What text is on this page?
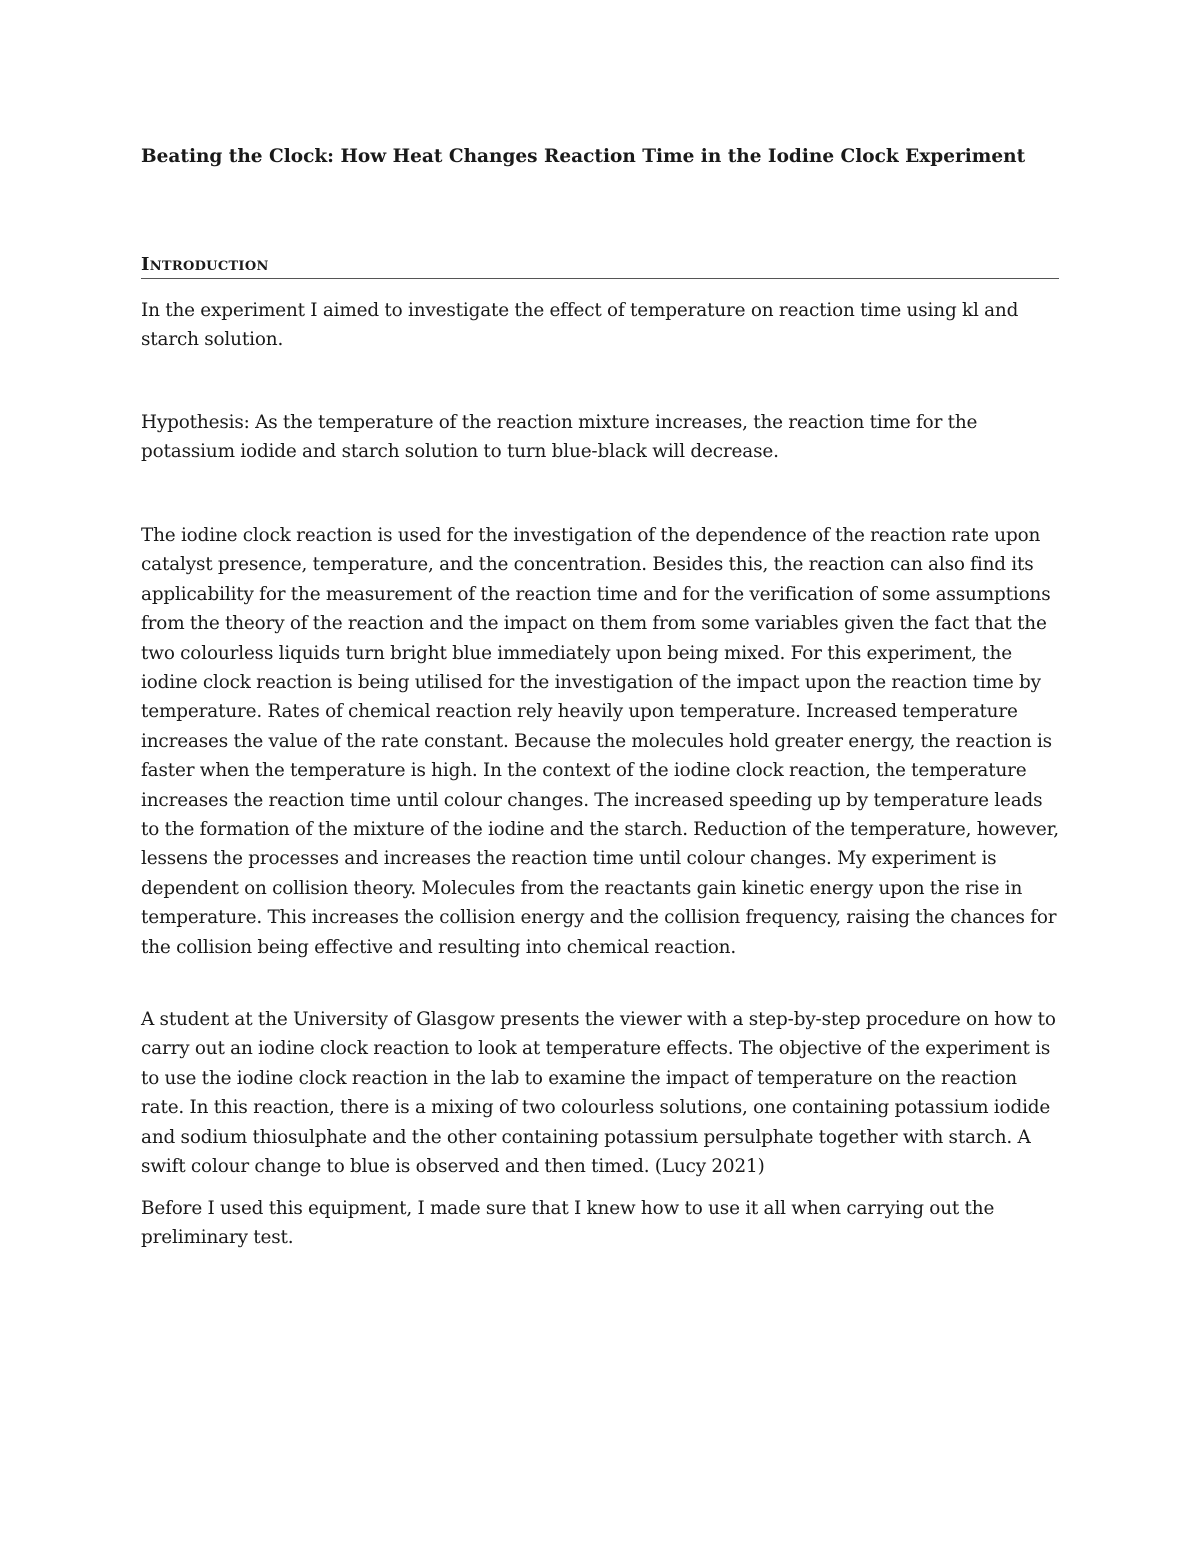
Beating the Clock: How Heat Changes Reaction Time in the Iodine Clock Experiment
Introduction

In the experiment I aimed to investigate the effect of temperature on reaction time using kl and starch solution.

Hypothesis: As the temperature of the reaction mixture increases, the reaction time for the potassium iodide and starch solution to turn blue-black will decrease.

The iodine clock reaction is used for the investigation of the dependence of the reaction rate upon catalyst presence, temperature, and the concentration. Besides this, the reaction can also find its applicability for the measurement of the reaction time and for the verification of some assumptions from the theory of the reaction and the impact on them from some variables given the fact that the two colourless liquids turn bright blue immediately upon being mixed. For this experiment, the iodine clock reaction is being utilised for the investigation of the impact upon the reaction time by temperature. Rates of chemical reaction rely heavily upon temperature. Increased temperature increases the value of the rate constant. Because the molecules hold greater energy, the reaction is faster when the temperature is high. In the context of the iodine clock reaction, the temperature increases the reaction time until colour changes. The increased speeding up by temperature leads to the formation of the mixture of the iodine and the starch. Reduction of the temperature, however, lessens the processes and increases the reaction time until colour changes. My experiment is dependent on collision theory. Molecules from the reactants gain kinetic energy upon the rise in temperature. This increases the collision energy and the collision frequency, raising the chances for the collision being effective and resulting into chemical reaction.

A student at the University of Glasgow presents the viewer with a step-by-step procedure on how to carry out an iodine clock reaction to look at temperature effects. The objective of the experiment is to use the iodine clock reaction in the lab to examine the impact of temperature on the reaction rate. In this reaction, there is a mixing of two colourless solutions, one containing potassium iodide and sodium thiosulphate and the other containing potassium persulphate together with starch. A swift colour change to blue is observed and then timed. (Lucy 2021)

Before I used this equipment, I made sure that I knew how to use it all when carrying out the preliminary test.
